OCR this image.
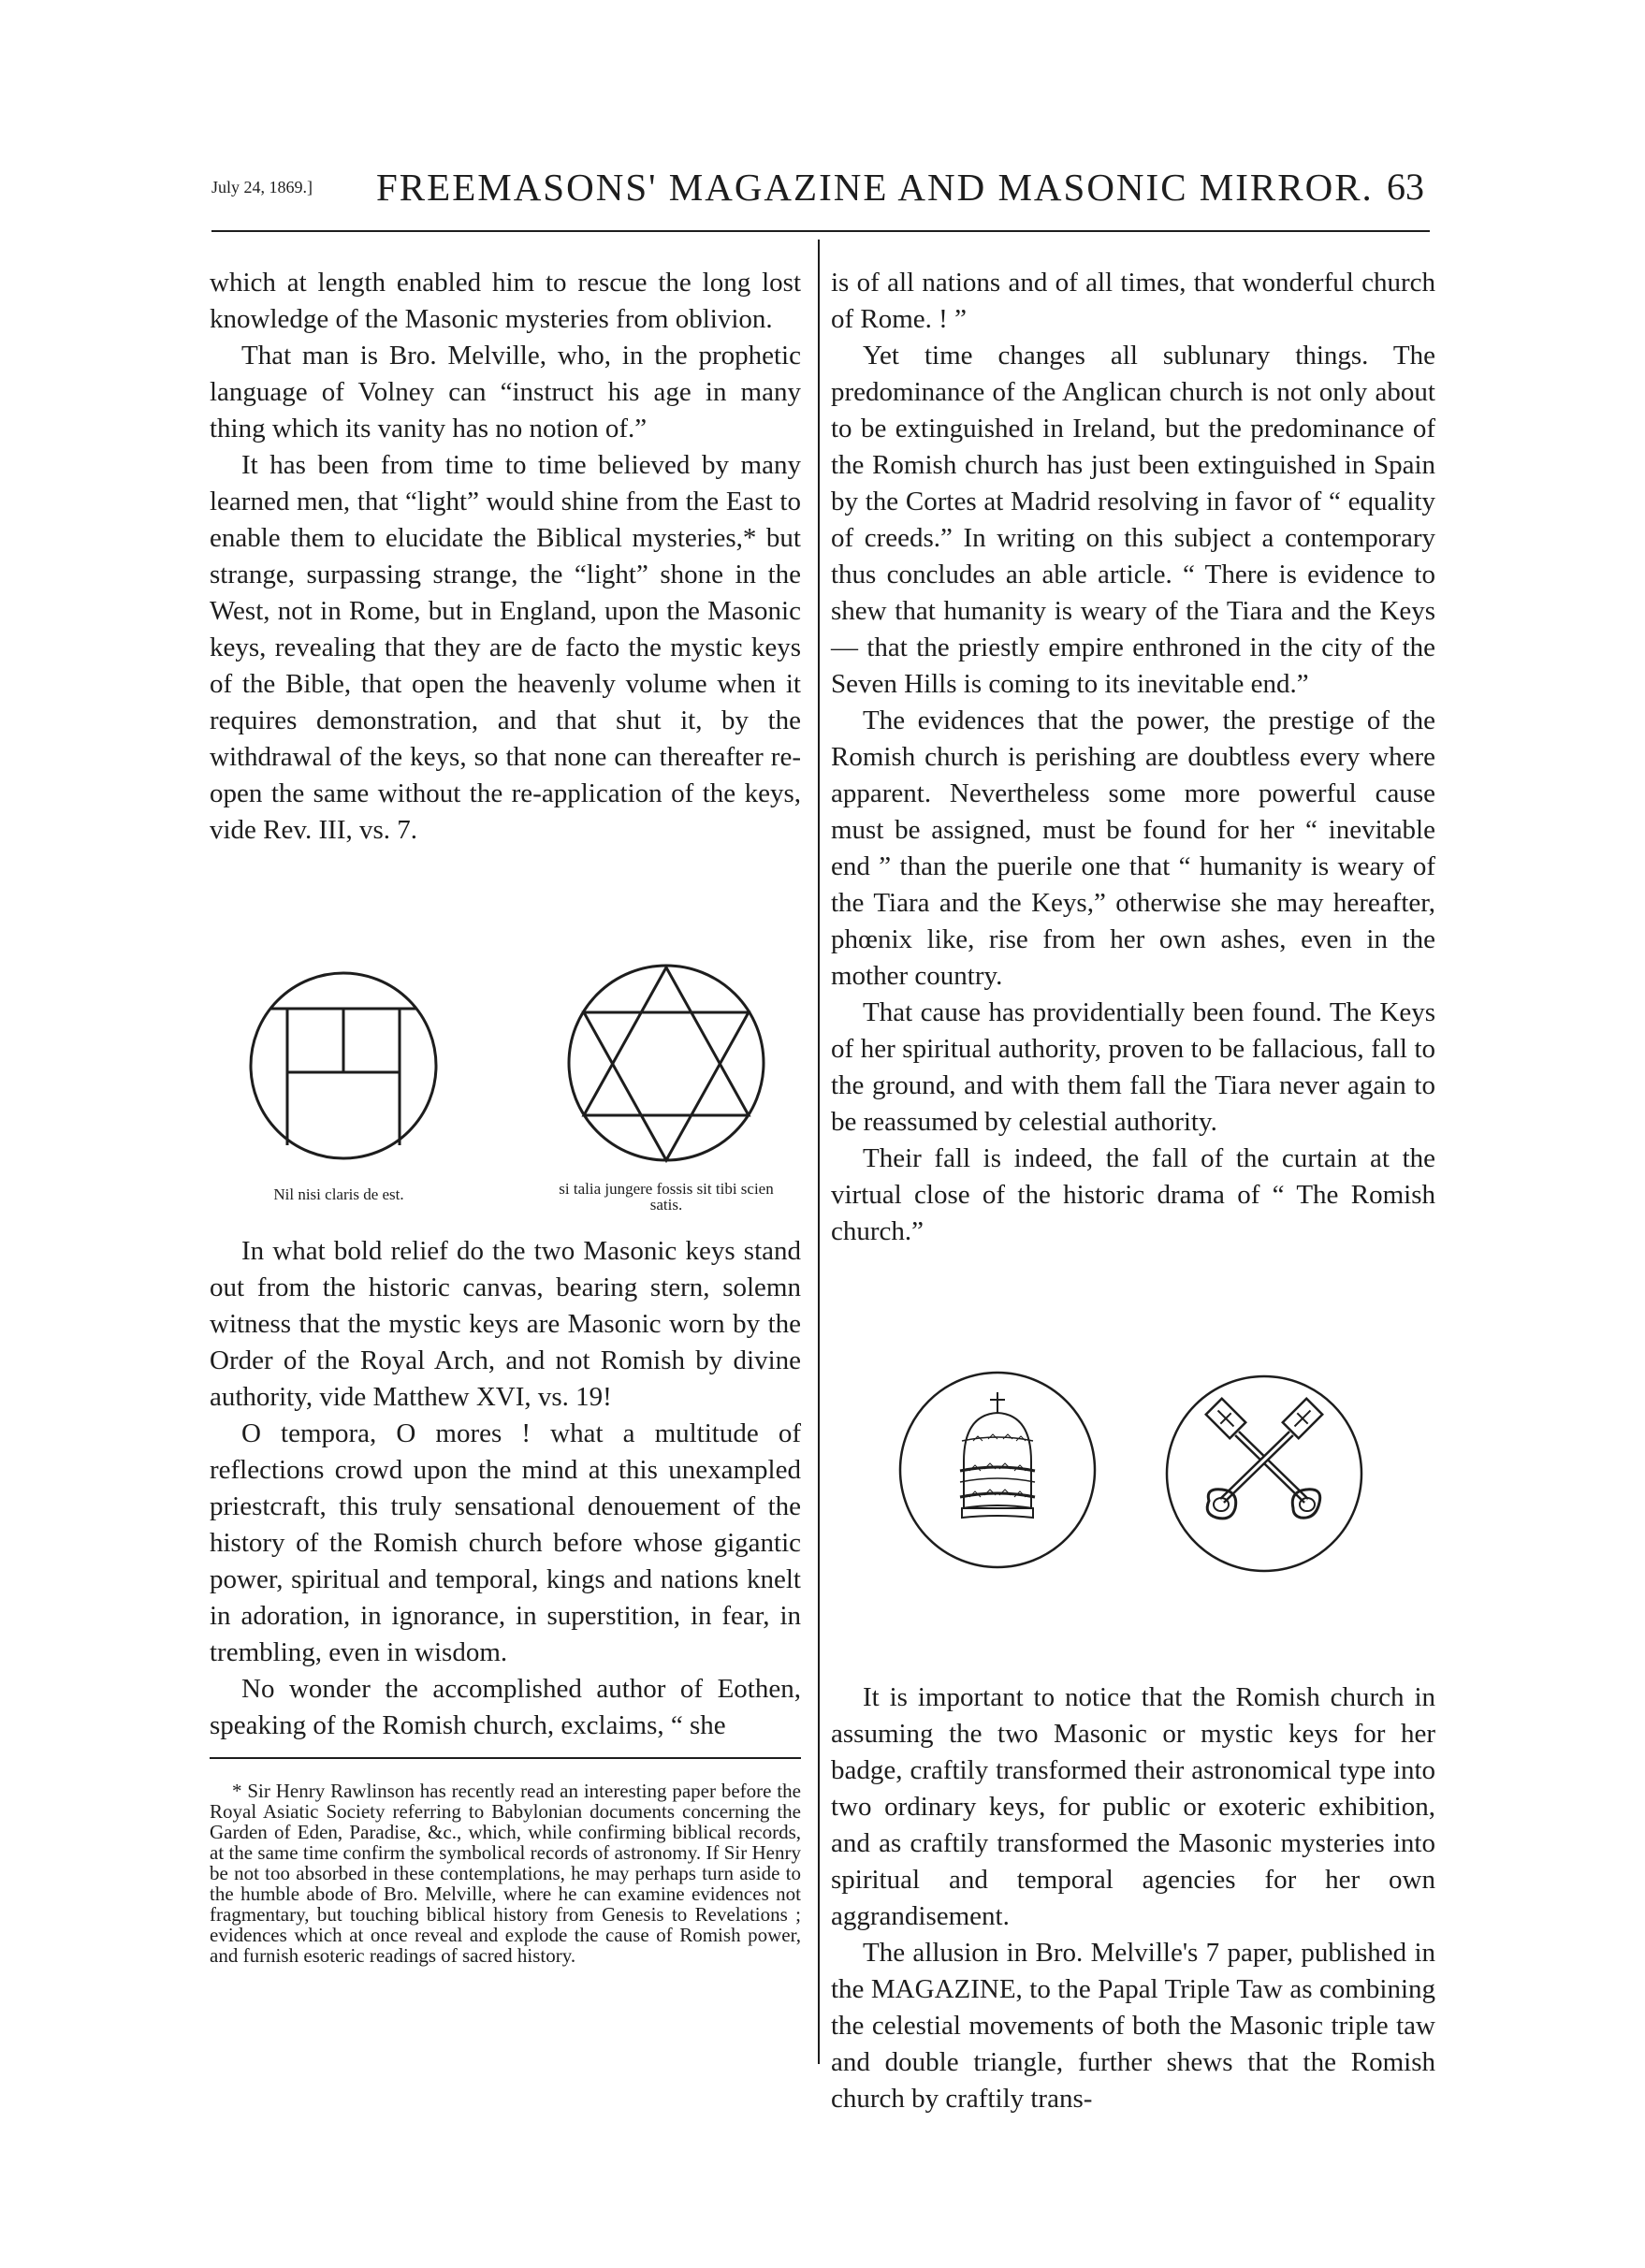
July 24, 1869.] FREEMASONS' MAGAZINE AND MASONIC MIRROR. 63

which at length enabled him to rescue the long lost knowledge of the Masonic mysteries from oblivion.

That man is Bro. Melville, who, in the prophetic language of Volney can “instruct his age in many thing which its vanity has no notion of.”

It has been from time to time believed by many learned men, that “light” would shine from the East to enable them to elucidate the Biblical mysteries,* but strange, surpassing strange, the “light” shone in the West, not in Rome, but in England, upon the Masonic keys, revealing that they are de facto the mystic keys of the Bible, that open the heavenly volume when it requires demonstration, and that shut it, by the withdrawal of the keys, so that none can thereafter re-open the same without the re-application of the keys, vide Rev. III, vs. 7.

Nil nisi claris de est.	si talia jungere fossis sit tibi scien satis.

In what bold relief do the two Masonic keys stand out from the historic canvas, bearing stern, solemn witness that the mystic keys are Masonic worn by the Order of the Royal Arch, and not Romish by divine authority, vide Matthew XVI, vs. 19!

O tempora, O mores ! what a multitude of reflections crowd upon the mind at this unexampled priestcraft, this truly sensational denouement of the history of the Romish church before whose gigantic power, spiritual and temporal, kings and nations knelt in adoration, in ignorance, in superstition, in fear, in trembling, even in wisdom.

No wonder the accomplished author of Eothen, speaking of the Romish church, exclaims, “ she

* Sir Henry Rawlinson has recently read an interesting paper before the Royal Asiatic Society referring to Babylonian documents concerning the Garden of Eden, Paradise, &c., which, while confirming biblical records, at the same time confirm the symbolical records of astronomy. If Sir Henry be not too absorbed in these contemplations, he may perhaps turn aside to the humble abode of Bro. Melville, where he can examine evidences not fragmentary, but touching biblical history from Genesis to Revelations ; evidences which at once reveal and explode the cause of Romish power, and furnish esoteric readings of sacred history.

is of all nations and of all times, that wonderful church of Rome. ! ”

Yet time changes all sublunary things. The predominance of the Anglican church is not only about to be extinguished in Ireland, but the predominance of the Romish church has just been extinguished in Spain by the Cortes at Madrid resolving in favor of “ equality of creeds.” In writing on this subject a contemporary thus concludes an able article. “ There is evidence to shew that humanity is weary of the Tiara and the Keys— that the priestly empire enthroned in the city of the Seven Hills is coming to its inevitable end.”

The evidences that the power, the prestige of the Romish church is perishing are doubtless every where apparent. Nevertheless some more powerful cause must be assigned, must be found for her “ inevitable end ” than the puerile one that “ humanity is weary of the Tiara and the Keys,” otherwise she may hereafter, phœnix like, rise from her own ashes, even in the mother country.

That cause has providentially been found. The Keys of her spiritual authority, proven to be fallacious, fall to the ground, and with them fall the Tiara never again to be reassumed by celestial authority.

Their fall is indeed, the fall of the curtain at the virtual close of the historic drama of “ The Romish church.”

It is important to notice that the Romish church in assuming the two Masonic or mystic keys for her badge, craftily transformed their astronomical type into two ordinary keys, for public or exoteric exhibition, and as craftily transformed the Masonic mysteries into spiritual and temporal agencies for her own aggrandisement.

The allusion in Bro. Melville's 7 paper, published in the MAGAZINE, to the Papal Triple Taw as combining the celestial movements of both the Masonic triple taw and double triangle, further shews that the Romish church by craftily trans-
